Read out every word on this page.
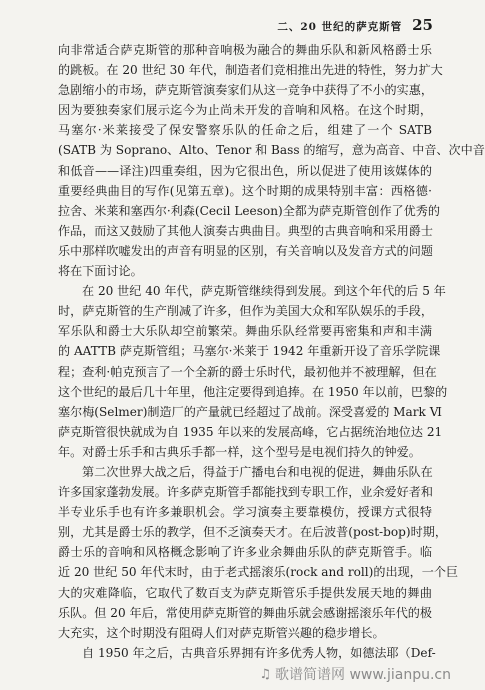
二、20 世纪的萨克斯管 25
向非常适合萨克斯管的那种音响极为融合的舞曲乐队和新风格爵士乐
的跳板。在 20 世纪 30 年代，制造者们竞相推出先进的特性，努力扩大
急剧缩小的市场，萨克斯管演奏家们从这一竞争中获得了不小的实惠，
因为要独奏家们展示迄今为止尚未开发的音响和风格。在这个时期，
马塞尔·米莱接受了保安警察乐队的任命之后，组建了一个 SATB
(SATB 为 Soprano、Alto、Tenor 和 Bass 的缩写，意为高音、中音、次中音
和低音——译注)四重奏组，因为它很出色，所以促进了使用该媒体的
重要经典曲目的写作(见第五章)。这个时期的成果特别丰富：西格德·
拉舍、米莱和塞西尔·利森(Cecil Leeson)全都为萨克斯管创作了优秀的
作品，而这又鼓励了其他人演奏古典曲目。典型的古典音响和采用爵士
乐中那样吹嘘发出的声音有明显的区别，有关音响以及发音方式的问题
将在下面讨论。
在 20 世纪 40 年代，萨克斯管继续得到发展。到这个年代的后 5 年
时，萨克斯管的生产削减了许多，但作为美国大众和军队娱乐的手段，
军乐队和爵士大乐队却空前繁荣。舞曲乐队经常要再密集和声和丰满
的 AATTB 萨克斯管组；马塞尔·米莱于 1942 年重新开设了音乐学院课
程；查利·帕克预言了一个全新的爵士乐时代，最初他并不被理解，但在
这个世纪的最后几十年里，他注定要得到追捧。在 1950 年以前，巴黎的
塞尔梅(Selmer)制造厂的产量就已经超过了战前。深受喜爱的 Mark Ⅵ
萨克斯管很快就成为自 1935 年以来的发展高峰，它占据统治地位达 21
年。对爵士乐手和古典乐手都一样，这个型号是电视们持久的钟爱。
第二次世界大战之后，得益于广播电台和电视的促进，舞曲乐队在
许多国家蓬勃发展。许多萨克斯管手都能找到专职工作，业余爱好者和
半专业乐手也有许多兼职机会。学习演奏主要靠模仿，授课方式很特
别，尤其是爵士乐的教学，但不乏演奏天才。在后波普(post-bop)时期，
爵士乐的音响和风格概念影响了许多业余舞曲乐队的萨克斯管手。临
近 20 世纪 50 年代末时，由于老式摇滚乐(rock and roll)的出现，一个巨
大的灾难降临，它取代了数百支为萨克斯管乐手提供发展天地的舞曲
乐队。但 20 年后，常使用萨克斯管的舞曲乐就会感谢摇滚乐年代的极
大充实，这个时期没有阻碍人们对萨克斯管兴趣的稳步增长。
自 1950 年之后，古典音乐界拥有许多优秀人物，如德法耶（Def-
♫ 歌谱简谱网 www.jianpu.cn
